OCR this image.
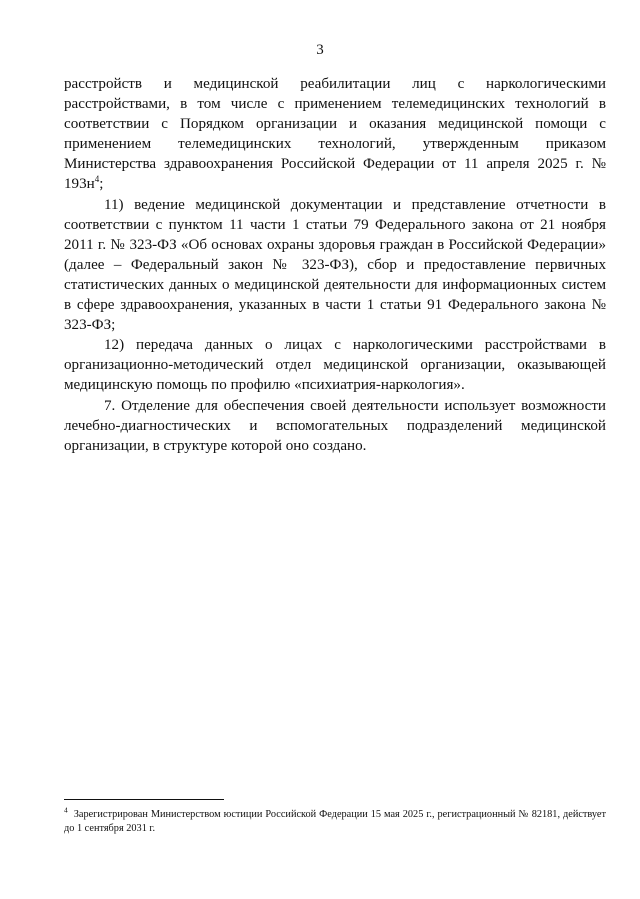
3

расстройств и медицинской реабилитации лиц с наркологическими расстройствами, в том числе с применением телемедицинских технологий в соответствии с Порядком организации и оказания медицинской помощи с применением телемедицинских технологий, утвержденным приказом Министерства здравоохранения Российской Федерации от 11 апреля 2025 г. № $193н^4$;

11) ведение медицинской документации и представление отчетности в соответствии с пунктом 11 части 1 статьи 79 Федерального закона от 21 ноября 2011 г. № 323-ФЗ «Об основах охраны здоровья граждан в Российской Федерации» (далее – Федеральный закон № 323-ФЗ), сбор и предоставление первичных статистических данных о медицинской деятельности для информационных систем в сфере здравоохранения, указанных в части 1 статьи 91 Федерального закона № 323-ФЗ;

12) передача данных о лицах с наркологическими расстройствами в организационно-методический отдел медицинской организации, оказывающей медицинскую помощь по профилю «психиатрия-наркология».

7. Отделение для обеспечения своей деятельности использует возможности лечебно-диагностических и вспомогательных подразделений медицинской организации, в структуре которой оно создано.

$^4$ Зарегистрирован Министерством юстиции Российской Федерации 15 мая 2025 г., регистрационный № 82181, действует до 1 сентября 2031 г.
